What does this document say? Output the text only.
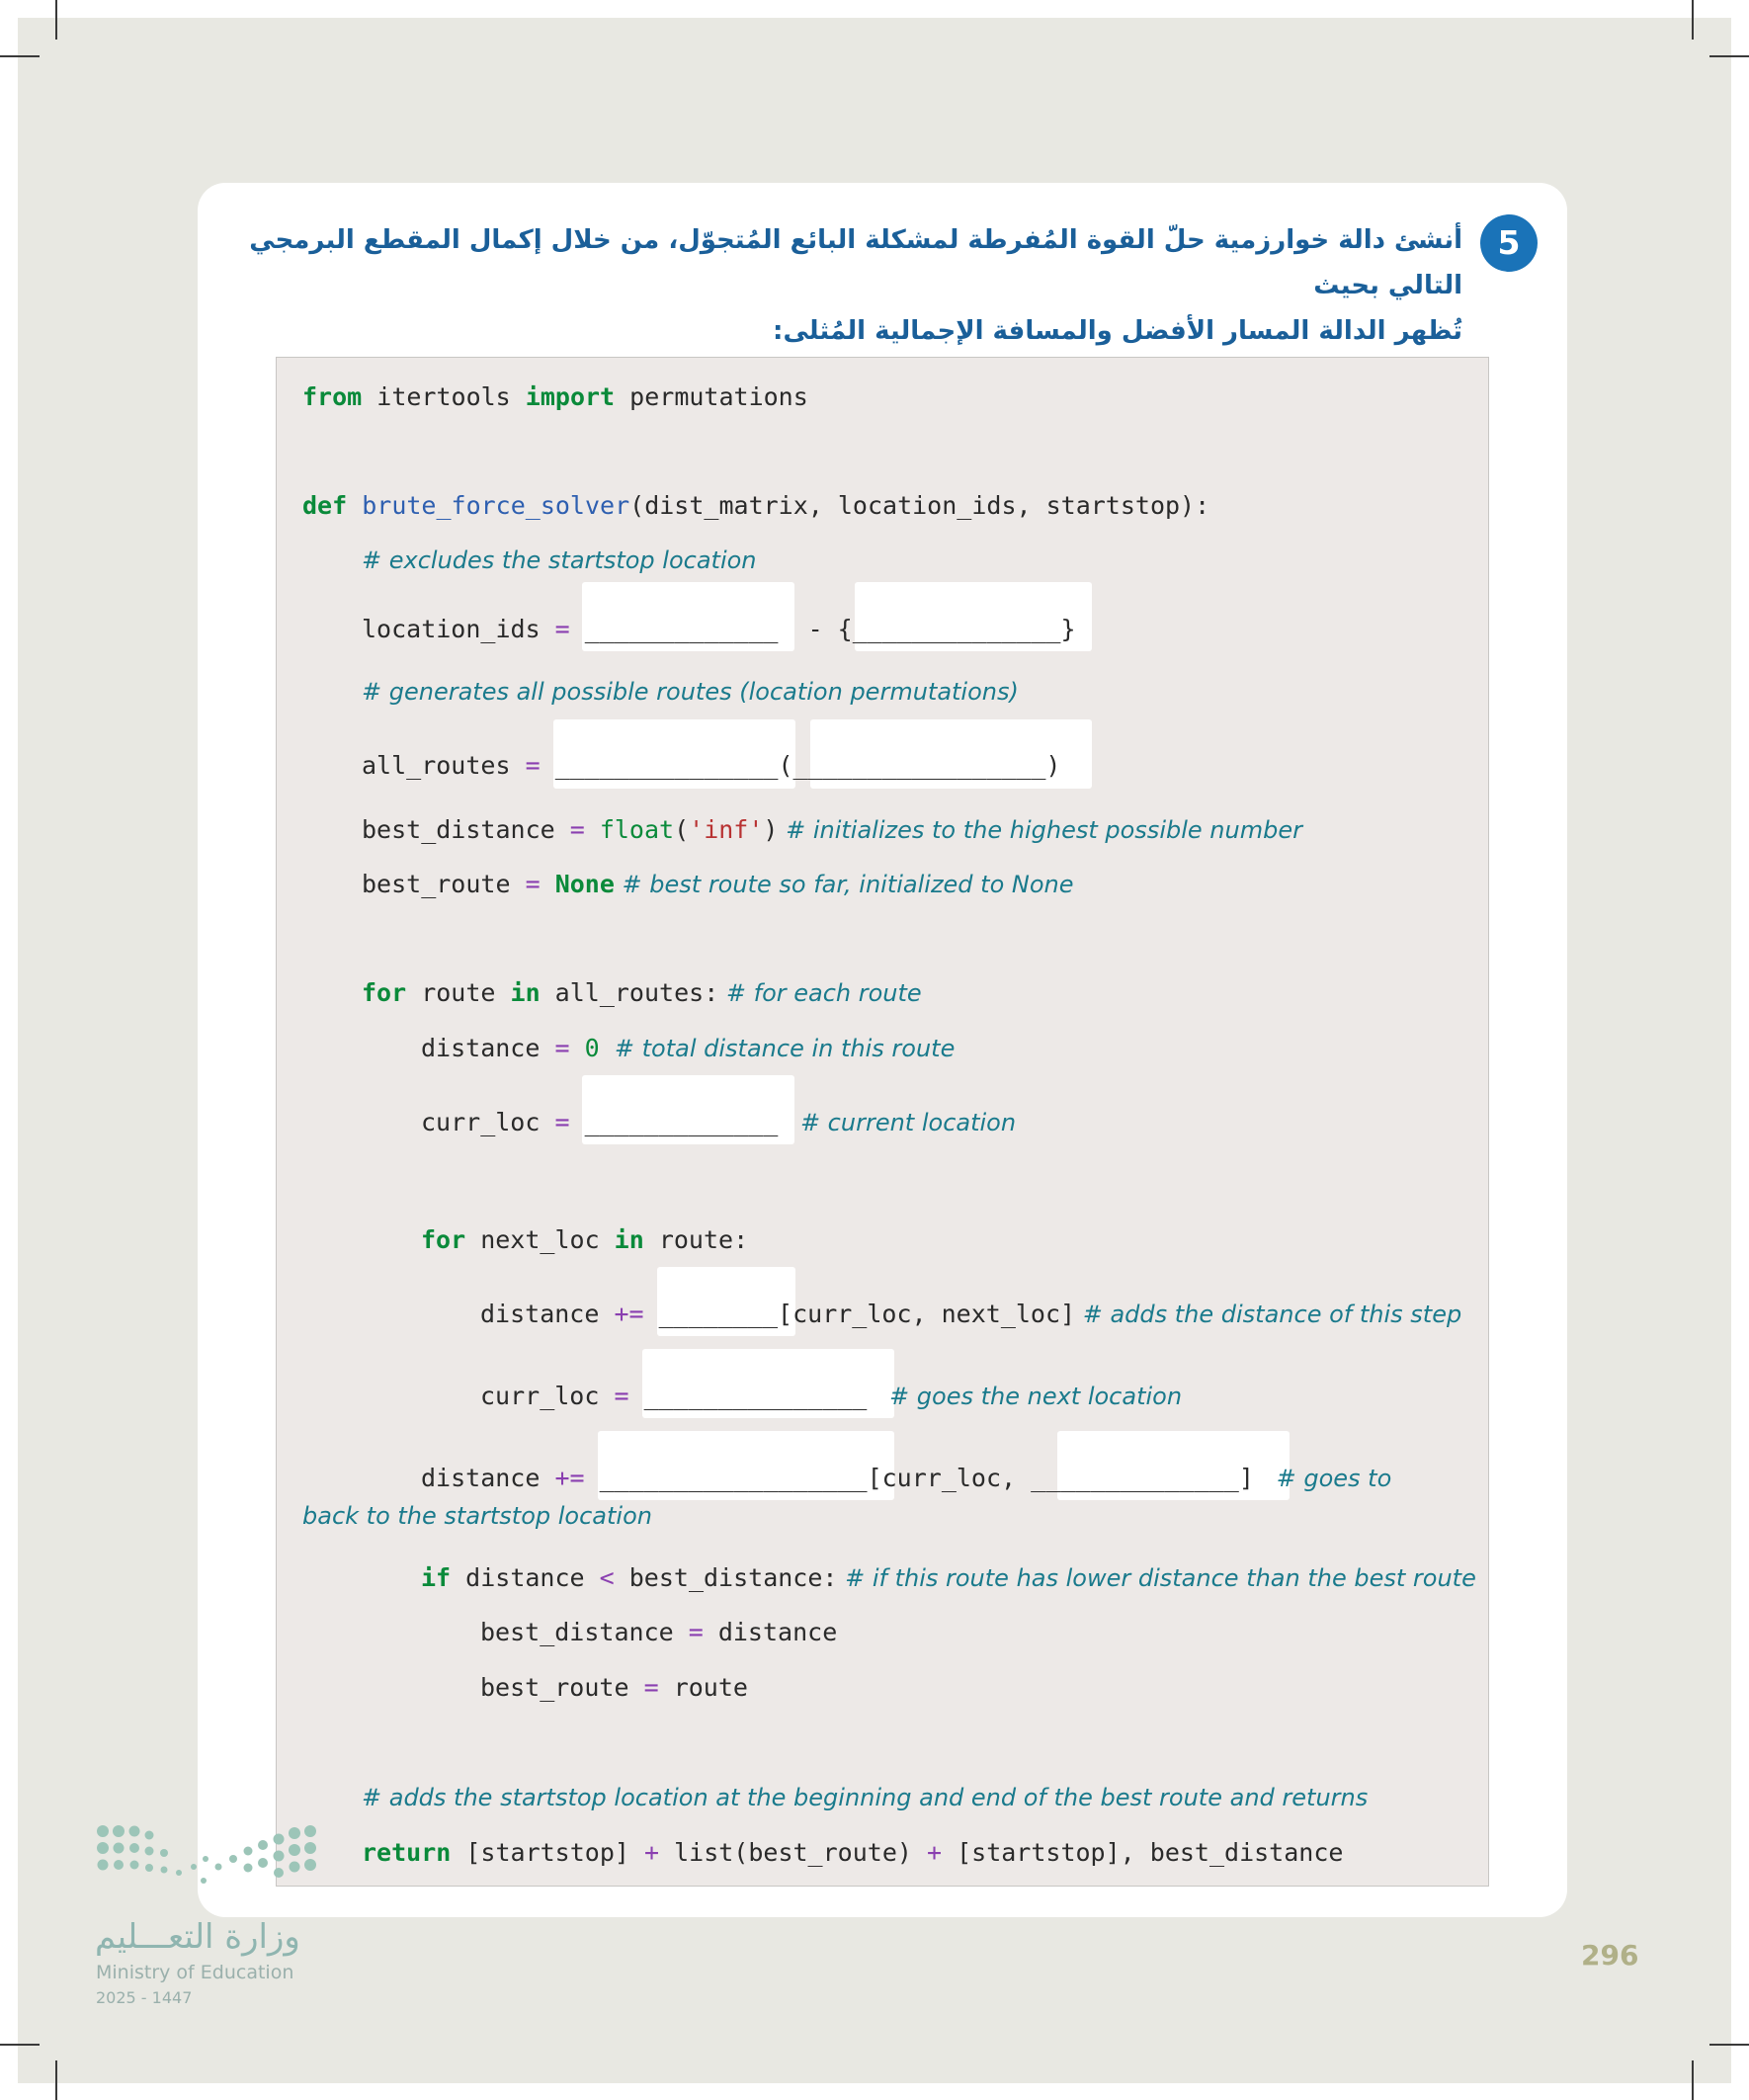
5
أنشئ دالة خوارزمية حلّ القوة المُفرطة لمشكلة البائع المُتجوّل، من خلال إكمال المقطع البرمجي التالي بحيث
تُظهر الدالة المسار الأفضل والمسافة الإجمالية المُثلى:
from itertools import permutations
def brute_force_solver(dist_matrix, location_ids, startstop):
# excludes the startstop location
location_ids = _____________  - {______________}
# generates all possible routes (location permutations)
all_routes = _______________(_________________)
best_distance = float('inf') # initializes to the highest possible number
best_route = None # best route so far, initialized to None
for route in all_routes: # for each route
distance = 0  # total distance in this route
curr_loc = _____________  # current location
for next_loc in route:
distance += ________[curr_loc, next_loc] # adds the distance of this step
curr_loc = _______________  # goes the next location
distance += __________________[curr_loc, ______________]  # goes to
back to the startstop location
if distance < best_distance: # if this route has lower distance than the best route
best_distance = distance
best_route = route
# adds the startstop location at the beginning and end of the best route and returns
return [startstop] + list(best_route) + [startstop], best_distance
وزارة التعـــليم
Ministry of Education
2025 - 1447
296
